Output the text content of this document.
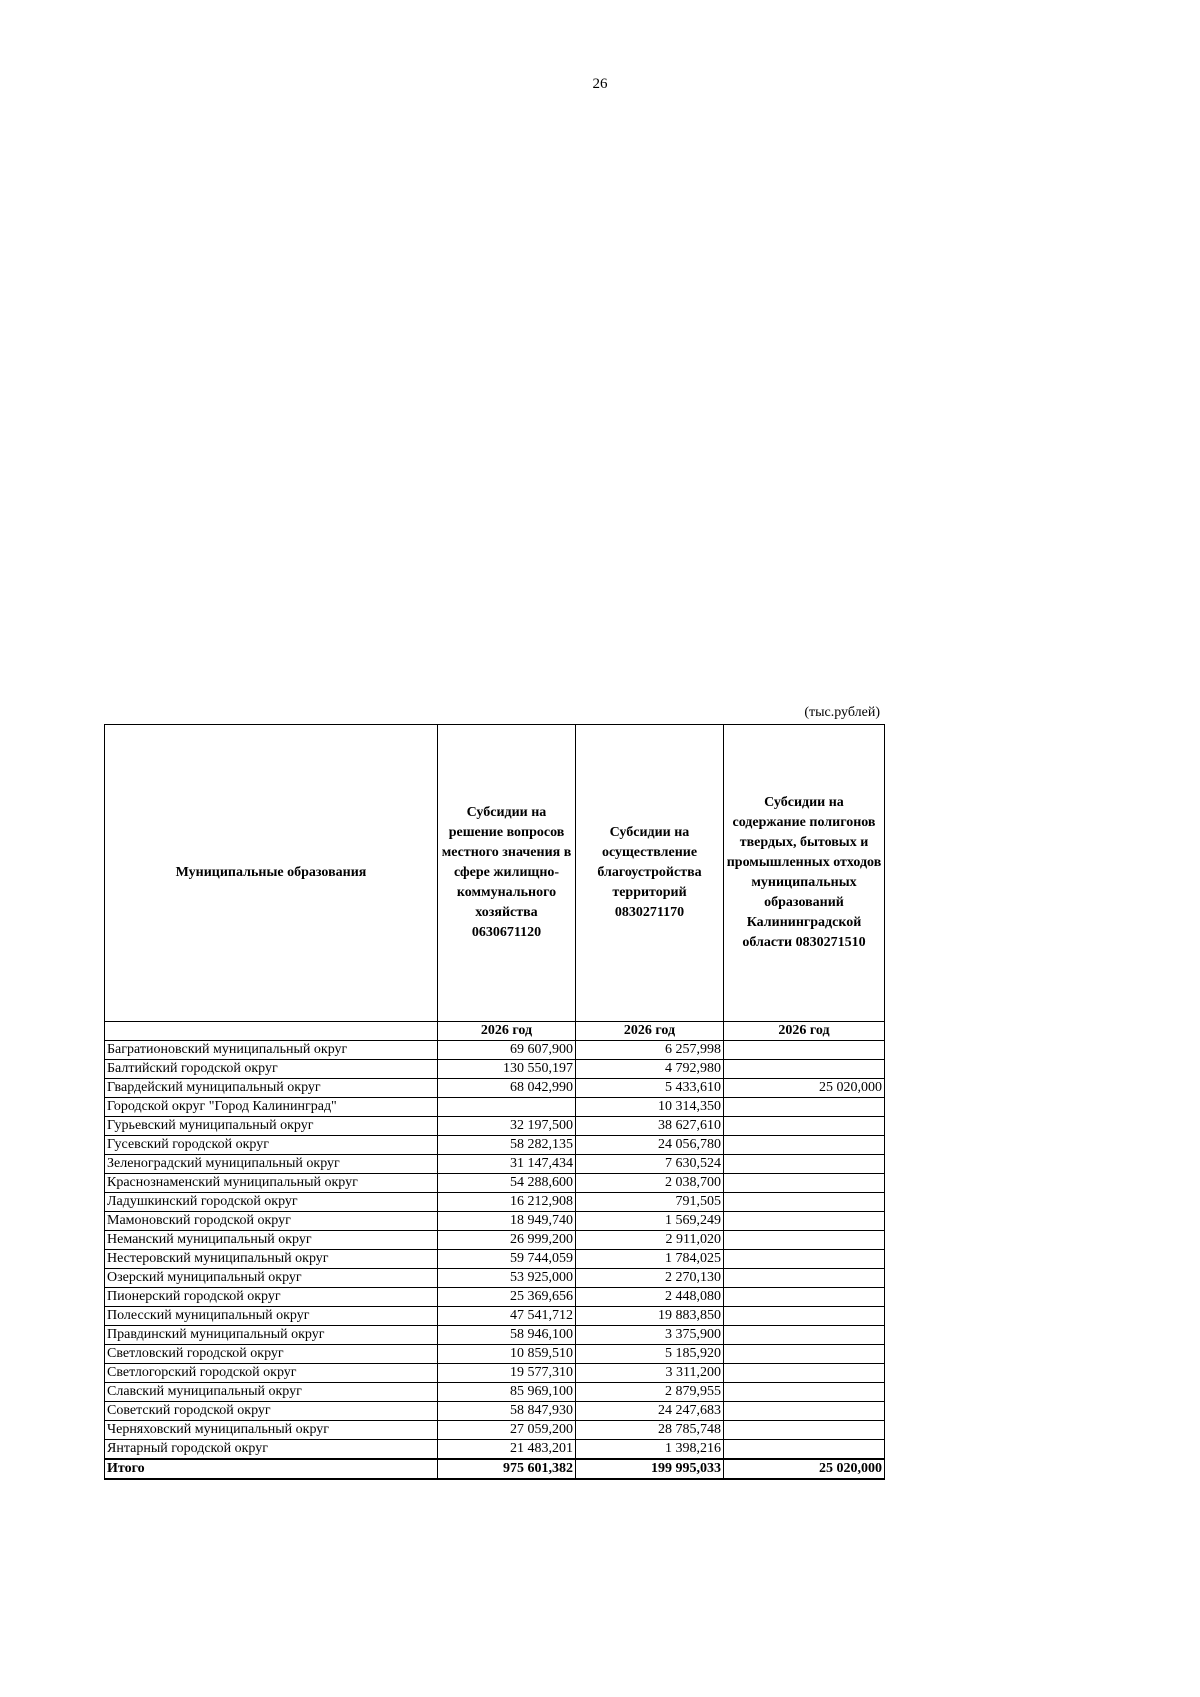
26
(тыс.рублей)
Муниципальные образования	Субсидии на решение вопросов местного значения в сфере жилищно-коммунального хозяйства 0630671120	Субсидии на осуществление благоустройства территорий 0830271170	Субсидии на содержание полигонов твердых, бытовых и промышленных отходов муниципальных образований Калининградской области 0830271510
	2026 год	2026 год	2026 год
Багратионовский муниципальный округ	69 607,900	6 257,998	
Балтийский городской округ	130 550,197	4 792,980	
Гвардейский муниципальный округ	68 042,990	5 433,610	25 020,000
Городской округ "Город Калининград"		10 314,350	
Гурьевский муниципальный округ	32 197,500	38 627,610	
Гусевский городской округ	58 282,135	24 056,780	
Зеленоградский муниципальный округ	31 147,434	7 630,524	
Краснознаменский муниципальный округ	54 288,600	2 038,700	
Ладушкинский городской округ	16 212,908	791,505	
Мамоновский городской округ	18 949,740	1 569,249	
Неманский муниципальный округ	26 999,200	2 911,020	
Нестеровский муниципальный округ	59 744,059	1 784,025	
Озерский муниципальный округ	53 925,000	2 270,130	
Пионерский городской округ	25 369,656	2 448,080	
Полесский муниципальный округ	47 541,712	19 883,850	
Правдинский муниципальный округ	58 946,100	3 375,900	
Светловский городской округ	10 859,510	5 185,920	
Светлогорский городской округ	19 577,310	3 311,200	
Славский муниципальный округ	85 969,100	2 879,955	
Советский городской округ	58 847,930	24 247,683	
Черняховский муниципальный округ	27 059,200	28 785,748	
Янтарный городской округ	21 483,201	1 398,216	
Итого	975 601,382	199 995,033	25 020,000
